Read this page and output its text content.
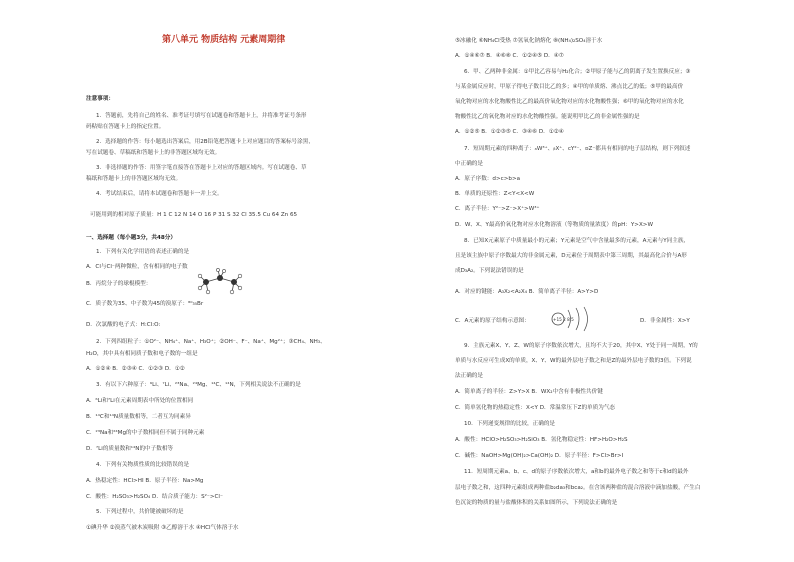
第八单元 物质结构 元素周期律
注意事项：
1．答题前，先将自己的姓名、准考证号填写在试题卷和答题卡上，并将准考证号条形
码粘贴在答题卡上的指定位置。
2．选择题的作答：每小题选出答案后，用2B铅笔把答题卡上对应题目的答案标号涂黑，
写在试题卷、草稿纸和答题卡上的非答题区域均无效。
3．非选择题的作答：用签字笔直接答在答题卡上对应的答题区域内。写在试题卷、草
稿纸和答题卡上的非答题区域均无效。
4．考试结束后，请将本试题卷和答题卡一并上交。
可能用到的相对原子质量：H 1 C 12 N 14 O 16 P 31 S 32 Cl 35.5 Cu 64 Zn 65
一、选择题（每小题3分，共48分）
1．下列有关化学用语的表述正确的是
A．Cl与Cl⁻两种微粒，含有相同的电子数
B．丙烷分子的球棍模型：
C．质子数为35、中子数为45的溴原子：⁸⁰₃₅Br
D．次氯酸的电子式：H:Cl:O:
2．下列四组粒子：①O²⁻、NH₄⁺、Na⁺、H₃O⁺；②OH⁻、F⁻、Na⁺、Mg²⁺；③CH₄、NH₃、
H₂O，其中具有相同质子数和电子数的一组是
A．①②④ B．②③④ C．①②③ D．①②
3．有以下六种原子：⁶Li、⁷Li、²³Na、²⁴Mg、¹⁴C、¹⁴N，下列相关说法不正确的是
A．⁶Li和⁷Li在元素周期表中所处的位置相同
B．¹⁴C和¹⁴N质量数相等，二者互为同素异
C．²³Na和²⁴Mg的中子数相同但不属于同种元素
D．⁷Li的质量数和¹⁴N的中子数相等
4．下列有关物质性质的比较错误的是
A．热稳定性：HCl>HI B．原子半径：Na>Mg
C．酸性：H₂SO₃>H₂SO₄ D．结合质子能力：S²⁻>Cl⁻
5．下列过程中，共价键被破坏的是
①碘升华 ②溴蒸气被木炭吸附 ③乙醇溶于水 ④HCl气体溶于水
⑤冰融化 ⑥NH₄Cl受热 ⑦氢氧化钠熔化 ⑧(NH₄)₂SO₄溶于水
A．①④⑥⑦ B．④⑥⑧ C．①②④⑤ D．④⑦
6．甲、乙两种非金属：①甲比乙容易与H₂化合；②甲原子能与乙的阴离子发生置换反应；③
与某金属反应时，甲原子得电子数目比乙的多；④甲的单质熔、沸点比乙的低；⑤甲的最高价
氧化物对应的水化物酸性比乙的最高价氧化物对应的水化物酸性强；⑥甲的氧化物对应的水化
物酸性比乙的氧化物对应的水化物酸性强。能说明甲比乙的非金属性强的是
A．①②⑤ B．①②③⑤ C．③④⑥ D．①②④
7．短周期元素的四种离子：ₐW³⁺、ᵦX⁺、ᴄY²⁻、ᴅZ⁻都具有相同的电子层结构，则下列叙述
中正确的是
A．原子序数：d>c>b>a
B．单质的还原性：Z<Y<X<W
C．离子半径：Y²⁻>Z⁻>X⁺>W³⁺
D．W、X、Y最高价氧化物对应水化物溶液（等物质的量浓度）的pH：Y>X>W
8．已知X元素原子中质量最小的元素；Y元素是空气中含量最多的元素，A元素与Y同主族，
且是该主族中原子序数最大的非金属元素，D元素位于周期表中第三周期，其最高化合价与A形
成D₃A₂。下列说法错误的是
A．对应的键能：A₃X₂<A₂X₄ B．简单离子半径：A>Y>D
C．A元素的原子结构示意图：	D．非金属性：X>Y
9．主族元素X、Y、Z、W的原子序数依次增大，且均不大于20，其中X、Y处于同一周期，Y的
单质与水反应可生成X的单质，X、Y、W的最外层电子数之和是Z的最外层电子数的3倍。下列说
法正确的是
A．简单离子的半径：Z>Y>X B．WX₂中含有非极性共价键
C．简单氢化物的热稳定性：X<Y D．常温常压下Z的单质为气态
10．下列递变规律的比较，正确的是
A．酸性：HClO>H₂SO₃>H₂SiO₃ B．氢化物稳定性：HF>H₂O>H₂S
C．碱性：NaOH>Mg(OH)₂>Ca(OH)₂ D．原子半径：F>Cl>Br>I
11．短周期元素a、b、c、d的原子序数依次增大，a和b的最外电子数之和等于c和d的最外
层电子数之和，这四种元素组成两种盐b₂da₃和bca₂。在含该两种盐的混合溶液中滴加盐酸，产生白
色沉淀的物质的量与盐酸体积的关系如图所示，下列说法正确的是
+15 2 8 5
